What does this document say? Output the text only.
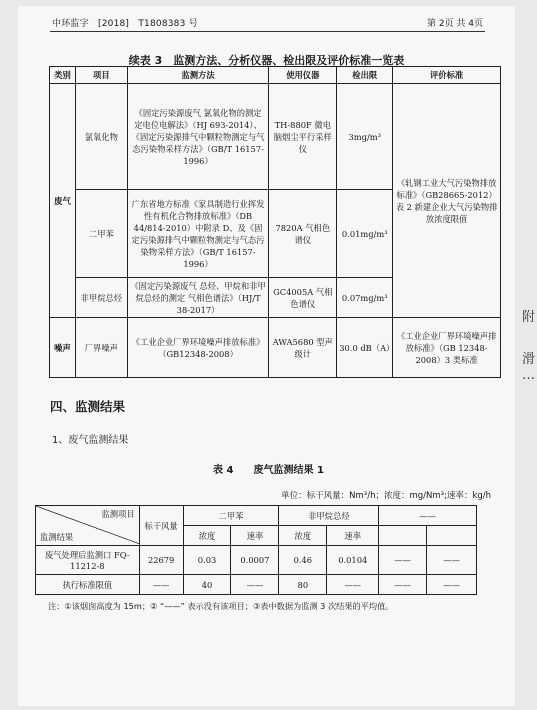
中环监字　 [2018]　 T1808383 号	第 2页 共 4页
续表 3　监测方法、分析仪器、检出限及评价标准一览表
类别	项目	监测方法	使用仪器	检出限	评价标准
废气	氯氧化物	《固定污染源废气 氯氧化物的测定 定电位电解法》（HJ 693-2014）、《固定污染源排气中颗粒物测定与气态污染物采样方法》（GB/T 16157-1996）	TH-880F 微电脑烟尘平行采样仪	3mg/m³	《轧钢工业大气污染物排放标准》（GB28665-2012）表 2 新建企业大气污染物排放浓度限值
	二甲苯	广东省地方标准《家具制造行业挥发性有机化合物排放标准》（DB 44/814-2010）中附录 D、及《固定污染源排气中颗粒物测定与气态污染物采样方法》（GB/T 16157-1996）	7820A 气相色谱仪	0.01mg/m³	
	非甲烷总烃	《固定污染源废气 总烃、甲烷和非甲烷总烃的测定 气相色谱法》（HJ/T 38-2017）	GC4005A 气相色谱仪	0.07mg/m³	
噪声	厂界噪声	《工业企业厂界环境噪声排放标准》（GB12348-2008）	AWA5680 型声级计	30.0 dB（A）	《工业企业厂界环境噪声排放标准》（GB 12348-2008）3 类标准
四、监测结果
1、废气监测结果
表 4　　废气监测结果 1
单位：标干风量：Nm³/h；浓度：mg/Nm³;速率：kg/h
监测项目
监测结果	标干风量	二甲苯		非甲烷总烃		——	
		浓度	速率	浓度	速率		
废气处理后监测口 FQ-11212-8	22679	0.03	0.0007	0.46	0.0104	——	——
执行标准限值	——	40	——	80	——	——	——
注：①该烟囱高度为 15m；② “——” 表示没有该项目；③表中数据为监测 3 次结果的平均值。
附
滑
…
